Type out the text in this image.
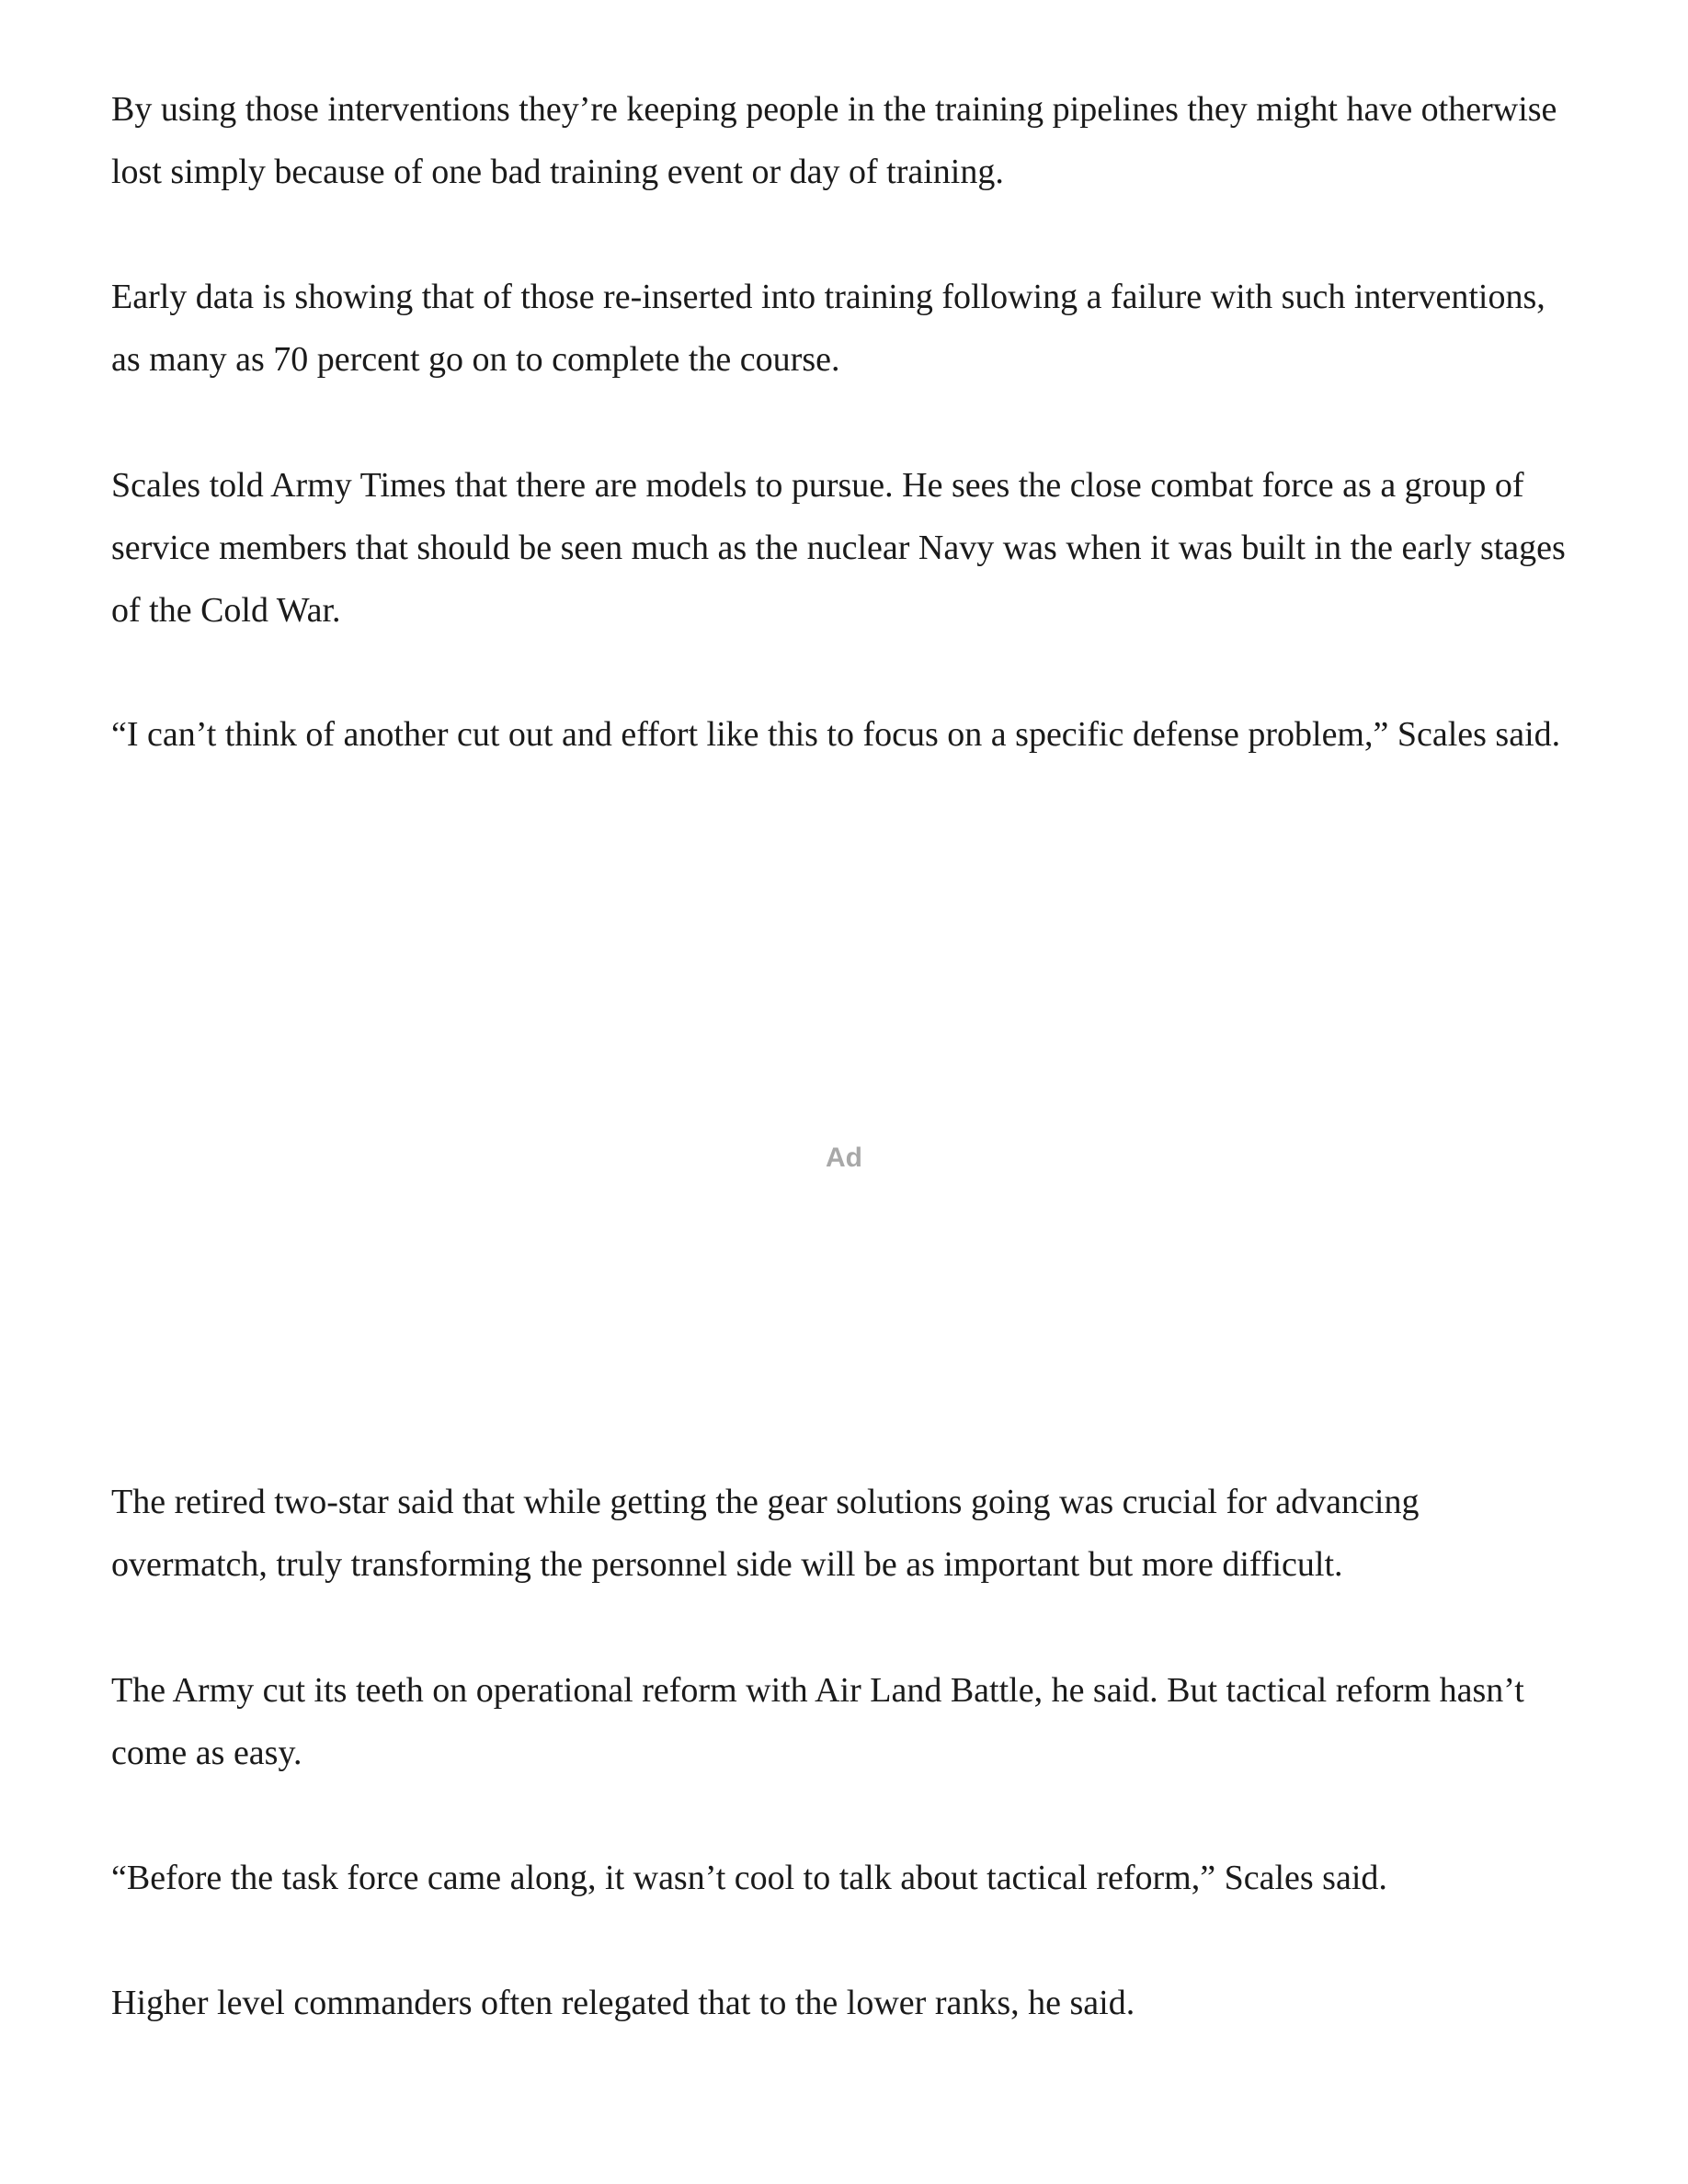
By using those interventions they’re keeping people in the training pipelines they might have otherwise lost simply because of one bad training event or day of training.

Early data is showing that of those re-inserted into training following a failure with such interventions, as many as 70 percent go on to complete the course.

Scales told Army Times that there are models to pursue. He sees the close combat force as a group of service members that should be seen much as the nuclear Navy was when it was built in the early stages of the Cold War.

“I can’t think of another cut out and effort like this to focus on a specific defense problem,” Scales said.

Ad

The retired two-star said that while getting the gear solutions going was crucial for advancing overmatch, truly transforming the personnel side will be as important but more difficult.

The Army cut its teeth on operational reform with Air Land Battle, he said. But tactical reform hasn’t come as easy.

“Before the task force came along, it wasn’t cool to talk about tactical reform,” Scales said.

Higher level commanders often relegated that to the lower ranks, he said.
